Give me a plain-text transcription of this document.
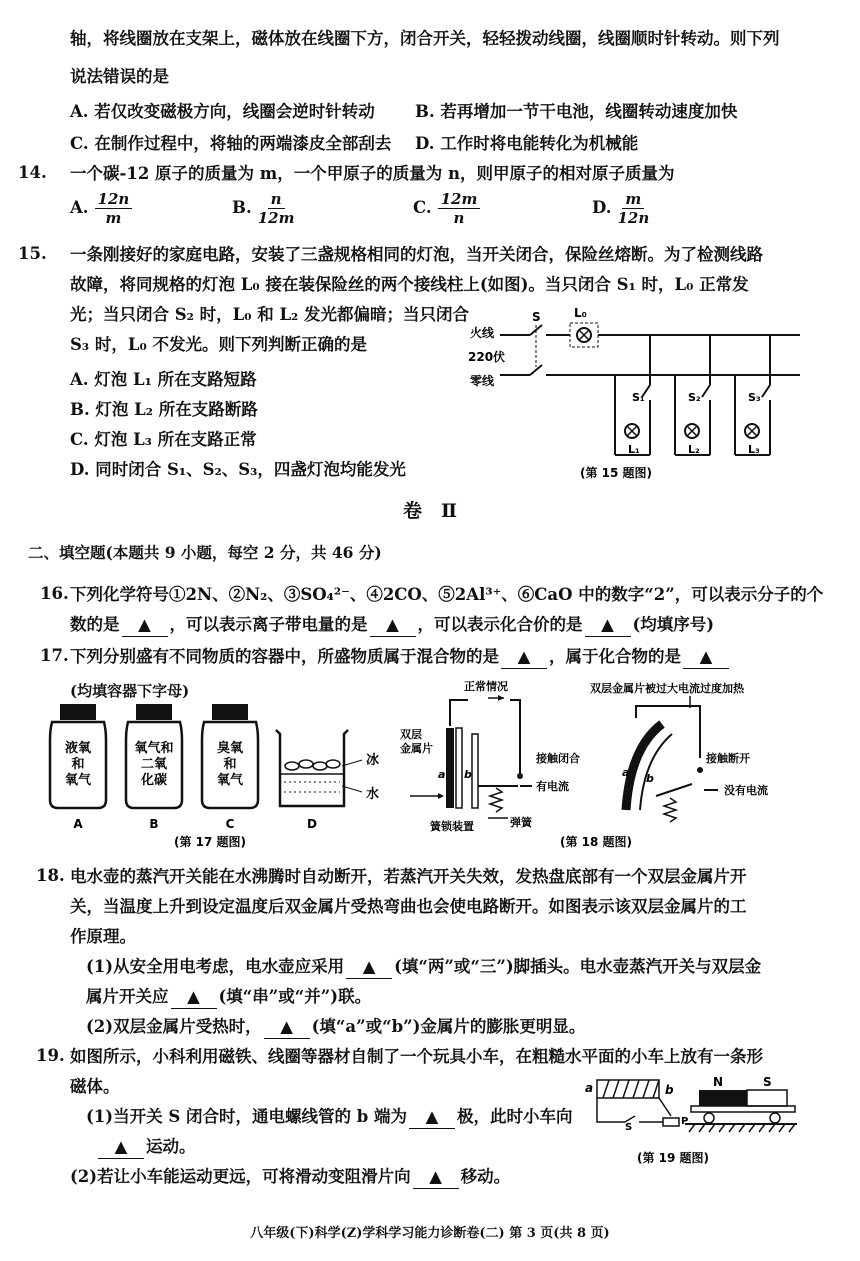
轴，将线圈放在支架上，磁体放在线圈下方，闭合开关，轻轻拨动线圈，线圈顺时针转动。则下列
说法错误的是
A. 若仅改变磁极方向，线圈会逆时针转动 B. 若再增加一节干电池，线圈转动速度加快
C. 在制作过程中，将轴的两端漆皮全部刮去 D. 工作时将电能转化为机械能
14. 一个碳-12 原子的质量为 m，一个甲原子的质量为 n，则甲原子的相对原子质量为
A. $\frac{12n}{m}$	B. $\frac{n}{12m}$	C. $\frac{12m}{n}$	D. $\frac{m}{12n}$
15. 一条刚接好的家庭电路，安装了三盏规格相同的灯泡，当开关闭合，保险丝熔断。为了检测线路
故障，将同规格的灯泡 L₀ 接在装保险丝的两个接线柱上(如图)。当只闭合 S₁ 时，L₀ 正常发
光；当只闭合 S₂ 时，L₀ 和 L₂ 发光都偏暗；当只闭合
S₃ 时，L₀ 不发光。则下列判断正确的是
A. 灯泡 L₁ 所在支路短路
B. 灯泡 L₂ 所在支路断路
C. 灯泡 L₃ 所在支路正常
D. 同时闭合 S₁、S₂、S₃，四盏灯泡均能发光
火线
220伏
零线
S	L₀
S₁
L₁
S₂
L₂
S₃
L₃
(第 15 题图)
卷　Ⅱ
二、填空题(本题共 9 小题，每空 2 分，共 46 分)
16. 下列化学符号①2N、②N₂、③SO₄²⁻、④2CO、⑤2Al³⁺、⑥CaO 中的数字“2”，可以表示分子的个
数的是 ▲ ，可以表示离子带电量的是 ▲ ，可以表示化合价的是 ▲ (均填序号)
17. 下列分别盛有不同物质的容器中，所盛物质属于混合物的是 ▲ ，属于化合物的是 ▲
(均填容器下字母)
液氧
和
氧气
A
氧气和
二氧
化碳
B
臭氧
和
氧气
C
冰
水
D
(第 17 题图)
正常情况
双层
金属片
a b
接触闭合
有电流
弹簧
簧锁装置
双层金属片被过大电流过度加热
a b
接触断开
没有电流
(第 18 题图)
18. 电水壶的蒸汽开关能在水沸腾时自动断开，若蒸汽开关失效，发热盘底部有一个双层金属片开
关，当温度上升到设定温度后双金属片受热弯曲也会使电路断开。如图表示该双层金属片的工
作原理。
(1)从安全用电考虑，电水壶应采用 ▲ (填“两”或“三”)脚插头。电水壶蒸汽开关与双层金
属片开关应 ▲ (填“串”或“并”)联。
(2)双层金属片受热时， ▲ (填“a”或“b”)金属片的膨胀更明显。
19. 如图所示，小科利用磁铁、线圈等器材自制了一个玩具小车，在粗糙水平面的小车上放有一条形
磁体。
(1)当开关 S 闭合时，通电螺线管的 b 端为 ▲ 极，此时小车向
▲ 运动。
(2)若让小车能运动更远，可将滑动变阻滑片向 ▲ 移动。
a	b
S
P
N	S
(第 19 题图)
八年级(下)科学(Z)学科学习能力诊断卷(二) 第 3 页(共 8 页)
